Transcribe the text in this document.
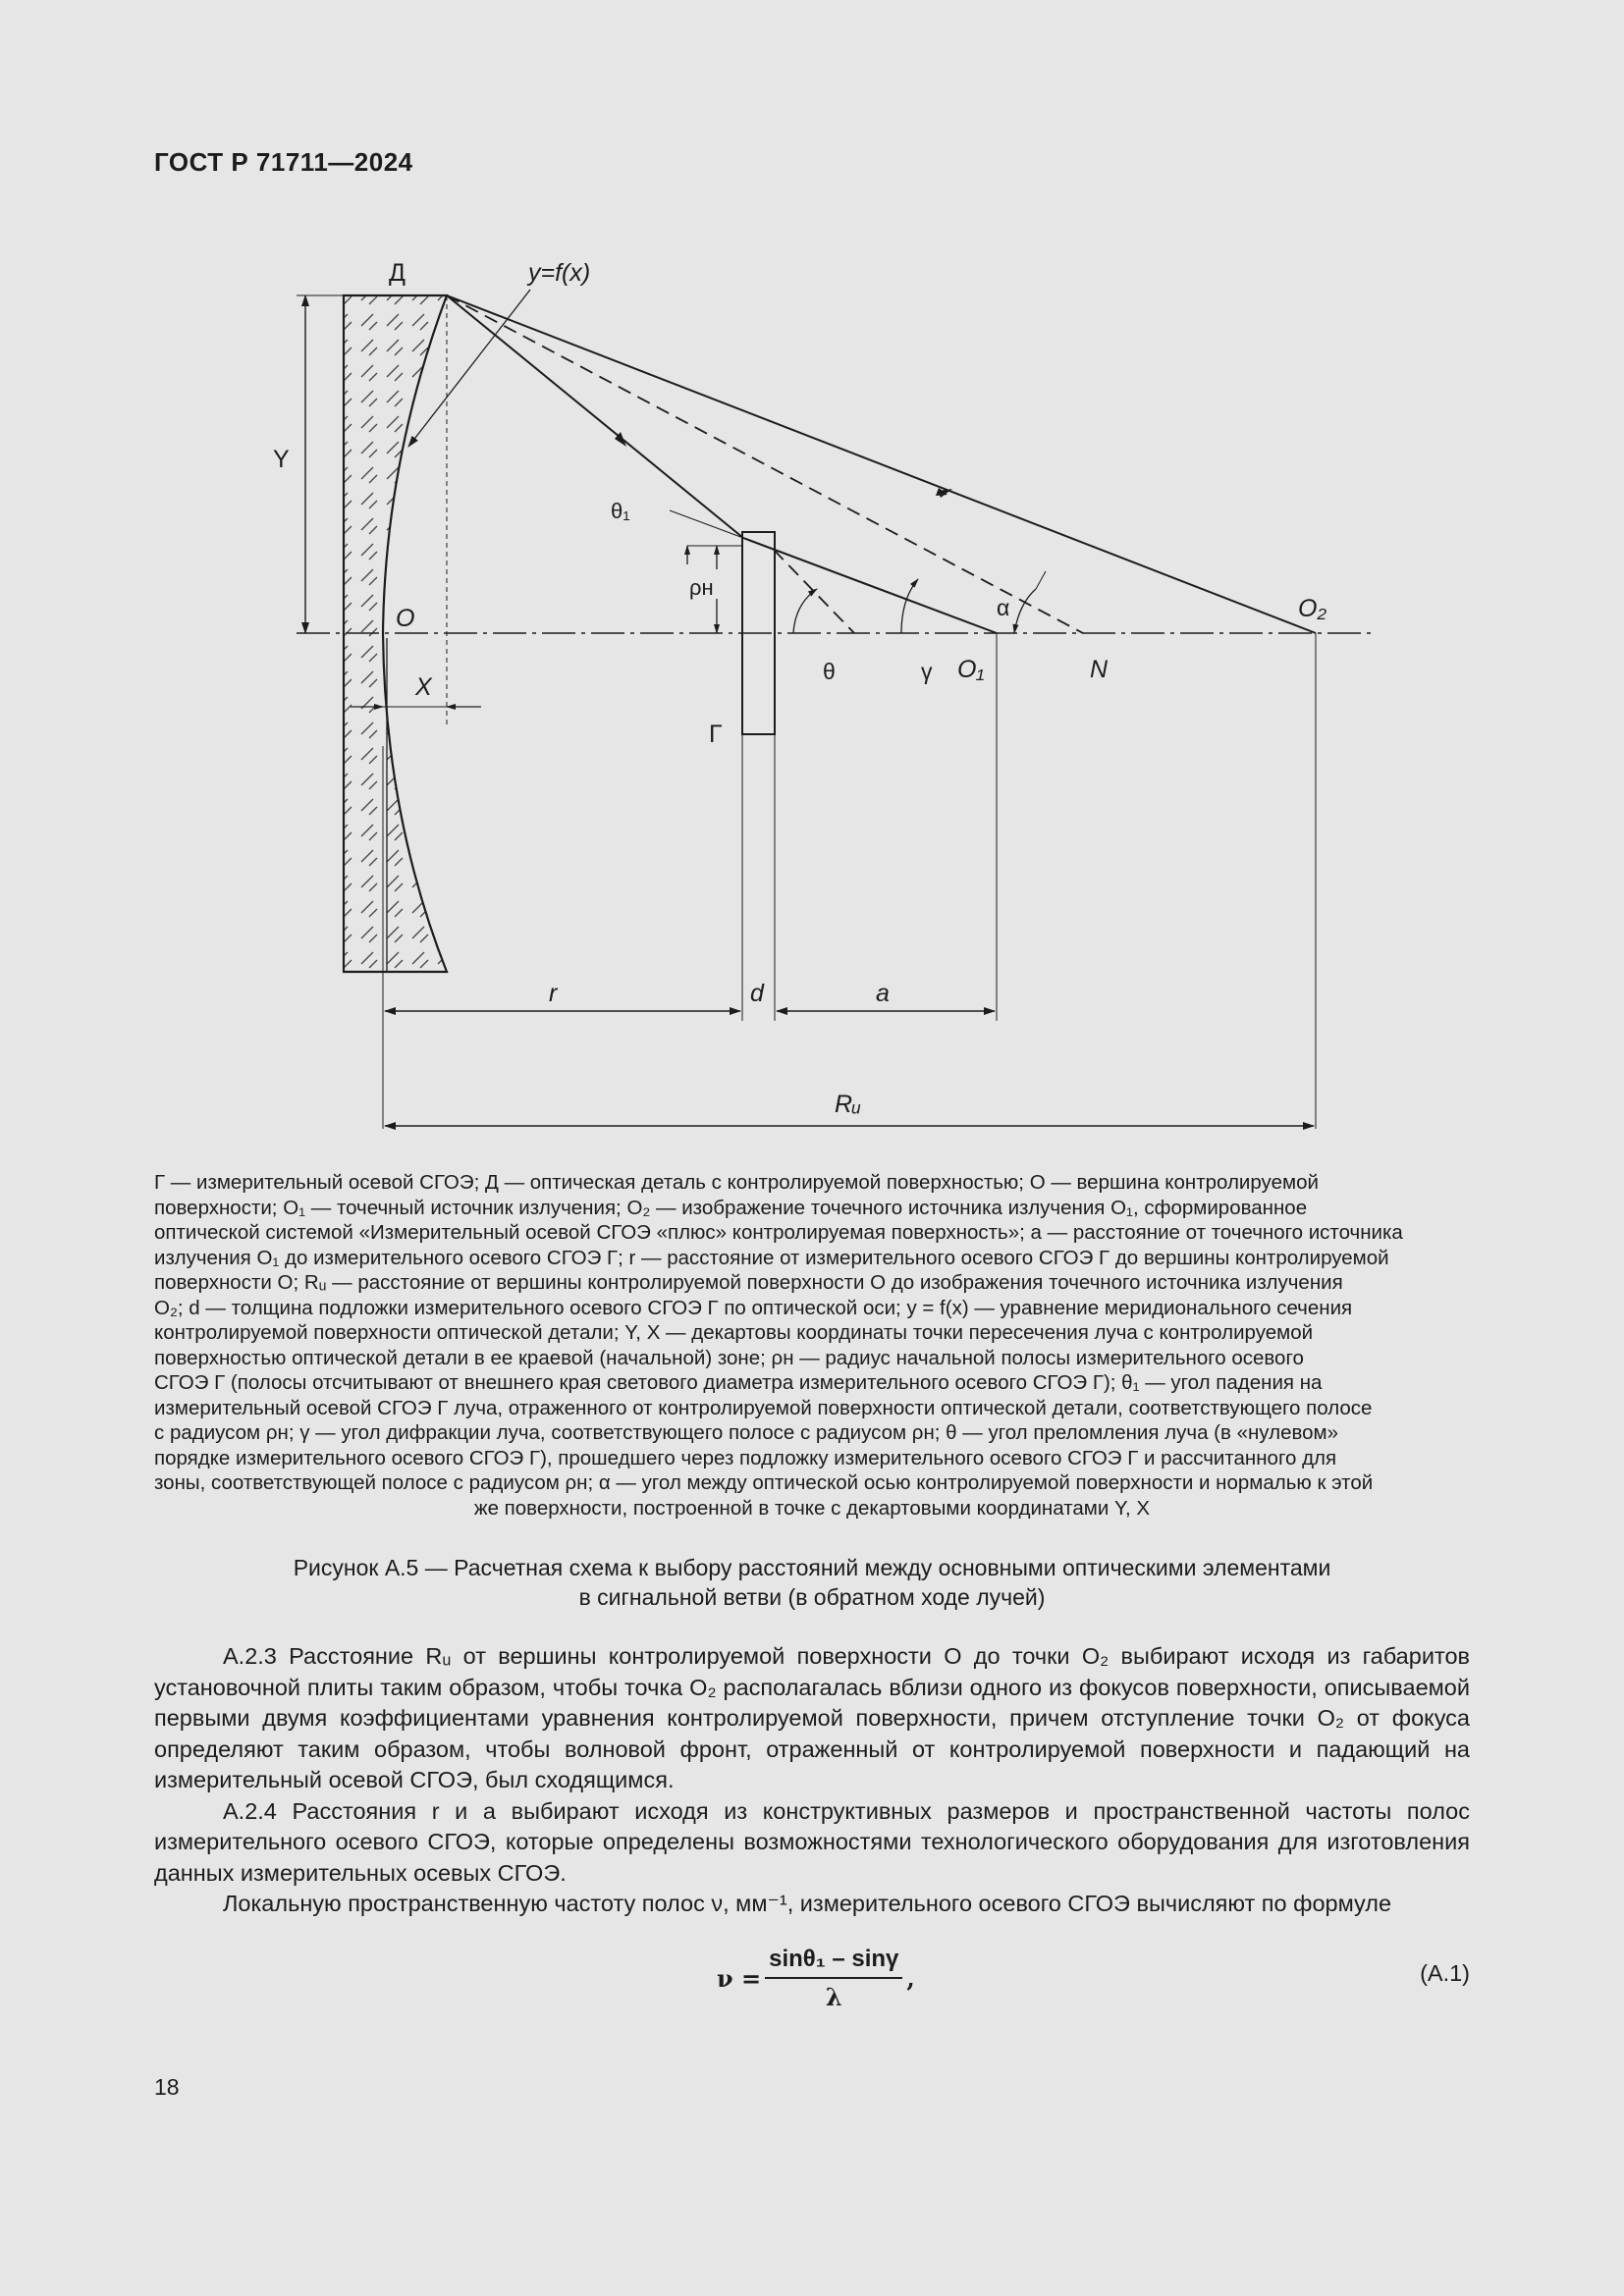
ГОСТ Р 71711—2024
Д	y=f(x)
Y
O
X
θ₁
ρн
θ	γ O₁	N
α	O₂
Г
r	d	a
Rᵤ
Г — измерительный осевой СГОЭ; Д — оптическая деталь с контролируемой поверхностью; О — вершина контролируемой
поверхности; O₁ — точечный источник излучения; O₂ — изображение точечного источника излучения O₁, сформированное
оптической системой «Измерительный осевой СГОЭ «плюс» контролируемая поверхность»; a — расстояние от точечного источника
излучения O₁ до измерительного осевого СГОЭ Г; r — расстояние от измерительного осевого СГОЭ Г до вершины контролируемой
поверхности О; Rᵤ — расстояние от вершины контролируемой поверхности О до изображения точечного источника излучения
O₂; d — толщина подложки измерительного осевого СГОЭ Г по оптической оси; y = f(x) — уравнение меридионального сечения
контролируемой поверхности оптической детали; Y, X — декартовы координаты точки пересечения луча с контролируемой
поверхностью оптической детали в ее краевой (начальной) зоне; ρн — радиус начальной полосы измерительного осевого
СГОЭ Г (полосы отсчитывают от внешнего края светового диаметра измерительного осевого СГОЭ Г); θ₁ — угол падения на
измерительный осевой СГОЭ Г луча, отраженного от контролируемой поверхности оптической детали, соответствующего полосе
с радиусом ρн; γ — угол дифракции луча, соответствующего полосе с радиусом ρн; θ — угол преломления луча (в «нулевом»
порядке измерительного осевого СГОЭ Г), прошедшего через подложку измерительного осевого СГОЭ Г и рассчитанного для
зоны, соответствующей полосе с радиусом ρн; α — угол между оптической осью контролируемой поверхности и нормалью к этой
же поверхности, построенной в точке с декартовыми координатами Y, X
Рисунок А.5 — Расчетная схема к выбору расстояний между основными оптическими элементами
в сигнальной ветви (в обратном ходе лучей)

А.2.3 Расстояние Rᵤ от вершины контролируемой поверхности О до точки O₂ выбирают исходя из габаритов установочной плиты таким образом, чтобы точка O₂ располагалась вблизи одного из фокусов поверхности, описываемой первыми двумя коэффициентами уравнения контролируемой поверхности, причем отступление точки O₂ от фокуса определяют таким образом, чтобы волновой фронт, отраженный от контролируемой поверхности и падающий на измерительный осевой СГОЭ, был сходящимся.

А.2.4 Расстояния r и a выбирают исходя из конструктивных размеров и пространственной частоты полос измерительного осевого СГОЭ, которые определены возможностями технологического оборудования для изготовления данных измерительных осевых СГОЭ.

Локальную пространственную частоту полос ν, мм⁻¹, измерительного осевого СГОЭ вычисляют по формуле

$\nu = \frac{\text{sinθ₁ – sinγ}}{\lambda}$ ,	(А.1)
18
